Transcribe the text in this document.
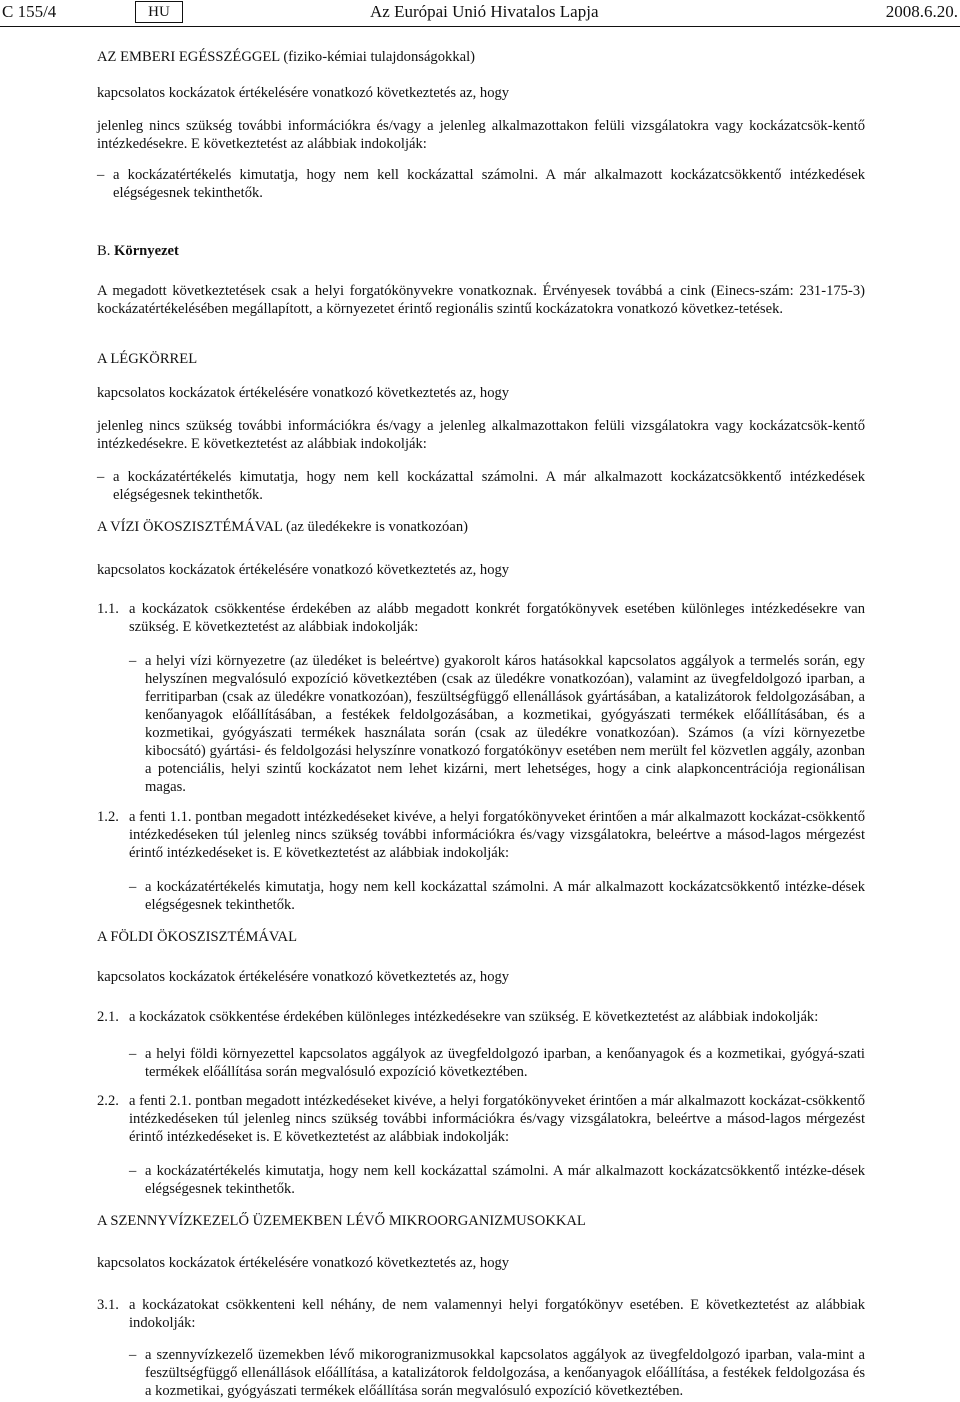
C 155/4	HU	Az Európai Unió Hivatalos Lapja	2008.6.20.
AZ EMBERI EGÉSSZÉGGEL (fiziko-kémiai tulajdonságokkal)
kapcsolatos kockázatok értékelésére vonatkozó következtetés az, hogy
jelenleg nincs szükség további információkra és/vagy a jelenleg alkalmazottakon felüli vizsgálatokra vagy kockázatcsök-kentő intézkedésekre. E következtetést az alábbiak indokolják:
– a kockázatértékelés kimutatja, hogy nem kell kockázattal számolni. A már alkalmazott kockázatcsökkentő intézkedések elégségesnek tekinthetők.
B. Környezet
A megadott következtetések csak a helyi forgatókönyvekre vonatkoznak. Érvényesek továbbá a cink (Einecs-szám: 231-175-3) kockázatértékelésében megállapított, a környezetet érintő regionális szintű kockázatokra vonatkozó következ-tetések.
A LÉGKÖRREL
kapcsolatos kockázatok értékelésére vonatkozó következtetés az, hogy
jelenleg nincs szükség további információkra és/vagy a jelenleg alkalmazottakon felüli vizsgálatokra vagy kockázatcsök-kentő intézkedésekre. E következtetést az alábbiak indokolják:
– a kockázatértékelés kimutatja, hogy nem kell kockázattal számolni. A már alkalmazott kockázatcsökkentő intézkedések elégségesnek tekinthetők.
A VÍZI ÖKOSZISZTÉMÁVAL (az üledékekre is vonatkozóan)
kapcsolatos kockázatok értékelésére vonatkozó következtetés az, hogy
1.1. a kockázatok csökkentése érdekében az alább megadott konkrét forgatókönyvek esetében különleges intézkedésekre van szükség. E következtetést az alábbiak indokolják:
– a helyi vízi környezetre (az üledéket is beleértve) gyakorolt káros hatásokkal kapcsolatos aggályok a termelés során, egy helyszínen megvalósuló expozíció következtében (csak az üledékre vonatkozóan), valamint az üvegfeldolgozó iparban, a ferritiparban (csak az üledékre vonatkozóan), feszültségfüggő ellenállások gyártásában, a katalizátorok feldolgozásában, a kenőanyagok előállításában, a festékek feldolgozásában, a kozmetikai, gyógyászati termékek előállításában, és a kozmetikai, gyógyászati termékek használata során (csak az üledékre vonatkozóan). Számos (a vízi környezetbe kibocsátó) gyártási- és feldolgozási helyszínre vonatkozó forgatókönyv esetében nem merült fel közvetlen aggály, azonban a potenciális, helyi szintű kockázatot nem lehet kizárni, mert lehetséges, hogy a cink alapkoncentrációja regionálisan magas.
1.2. a fenti 1.1. pontban megadott intézkedéseket kivéve, a helyi forgatókönyveket érintően a már alkalmazott kockázat-csökkentő intézkedéseken túl jelenleg nincs szükség további információkra és/vagy vizsgálatokra, beleértve a másod-lagos mérgezést érintő intézkedéseket is. E következtetést az alábbiak indokolják:
– a kockázatértékelés kimutatja, hogy nem kell kockázattal számolni. A már alkalmazott kockázatcsökkentő intézke-dések elégségesnek tekinthetők.
A FÖLDI ÖKOSZISZTÉMÁVAL
kapcsolatos kockázatok értékelésére vonatkozó következtetés az, hogy
2.1. a kockázatok csökkentése érdekében különleges intézkedésekre van szükség. E következtetést az alábbiak indokolják:
– a helyi földi környezettel kapcsolatos aggályok az üvegfeldolgozó iparban, a kenőanyagok és a kozmetikai, gyógyá-szati termékek előállítása során megvalósuló expozíció következtében.
2.2. a fenti 2.1. pontban megadott intézkedéseket kivéve, a helyi forgatókönyveket érintően a már alkalmazott kockázat-csökkentő intézkedéseken túl jelenleg nincs szükség további információkra és/vagy vizsgálatokra, beleértve a másod-lagos mérgezést érintő intézkedéseket is. E következtetést az alábbiak indokolják:
– a kockázatértékelés kimutatja, hogy nem kell kockázattal számolni. A már alkalmazott kockázatcsökkentő intézke-dések elégségesnek tekinthetők.
A SZENNYVÍZKEZELŐ ÜZEMEKBEN LÉVŐ MIKROORGANIZMUSOKKAL
kapcsolatos kockázatok értékelésére vonatkozó következtetés az, hogy
3.1. a kockázatokat csökkenteni kell néhány, de nem valamennyi helyi forgatókönyv esetében. E következtetést az alábbiak indokolják:
– a szennyvízkezelő üzemekben lévő mikorogranizmusokkal kapcsolatos aggályok az üvegfeldolgozó iparban, vala-mint a feszültségfüggő ellenállások előállítása, a katalizátorok feldolgozása, a kenőanyagok előállítása, a festékek feldolgozása és a kozmetikai, gyógyászati termékek előállítása során megvalósuló expozíció következtében.
